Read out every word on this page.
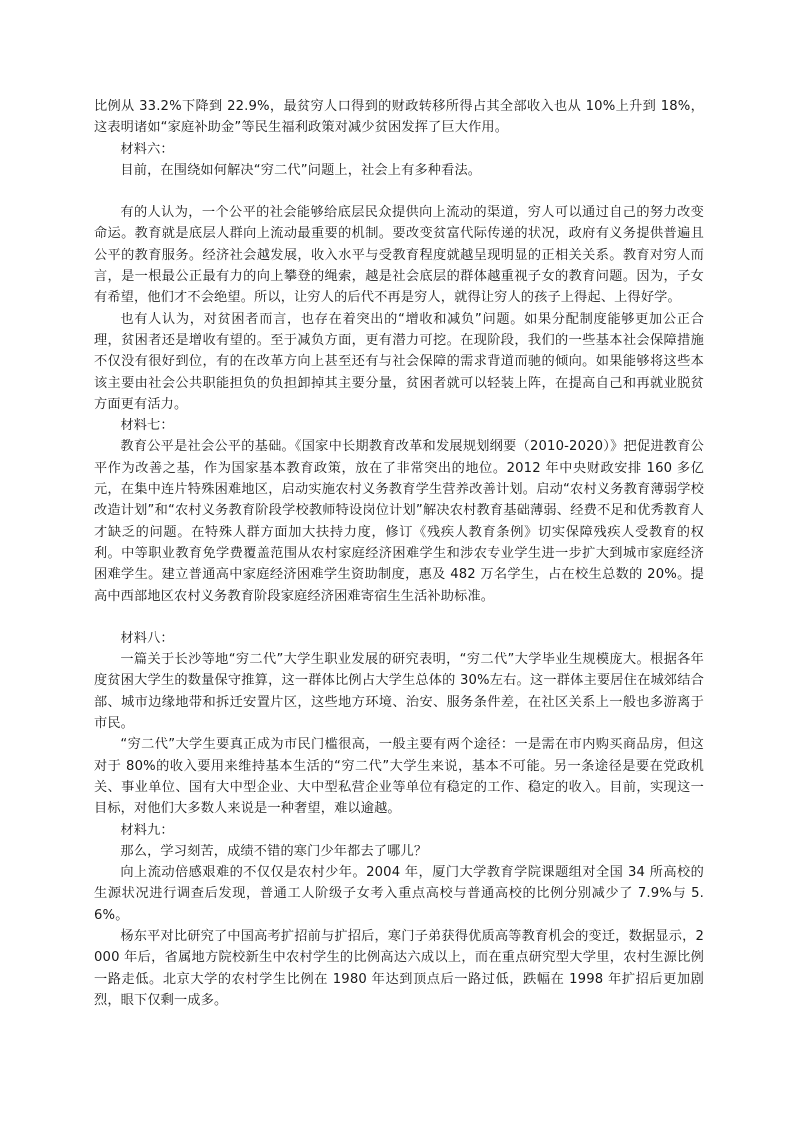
比例从 33.2%下降到 22.9%，最贫穷人口得到的财政转移所得占其全部收入也从 10%上升到 18%，这表明诸如“家庭补助金”等民生福利政策对减少贫困发挥了巨大作用。

材料六：

目前，在围绕如何解决“穷二代”问题上，社会上有多种看法。

有的人认为，一个公平的社会能够给底层民众提供向上流动的渠道，穷人可以通过自己的努力改变命运。教育就是底层人群向上流动最重要的机制。要改变贫富代际传递的状况，政府有义务提供普遍且公平的教育服务。经济社会越发展，收入水平与受教育程度就越呈现明显的正相关关系。教育对穷人而言，是一根最公正最有力的向上攀登的绳索，越是社会底层的群体越重视子女的教育问题。因为，子女有希望，他们才不会绝望。所以，让穷人的后代不再是穷人，就得让穷人的孩子上得起、上得好学。

也有人认为，对贫困者而言，也存在着突出的“增收和减负”问题。如果分配制度能够更加公正合理，贫困者还是增收有望的。至于减负方面，更有潜力可挖。在现阶段，我们的一些基本社会保障措施不仅没有很好到位，有的在改革方向上甚至还有与社会保障的需求背道而驰的倾向。如果能够将这些本该主要由社会公共职能担负的负担卸掉其主要分量，贫困者就可以轻装上阵，在提高自己和再就业脱贫方面更有活力。

材料七：

教育公平是社会公平的基础。《国家中长期教育改革和发展规划纲要（2010-2020）》把促进教育公平作为改善之基，作为国家基本教育政策，放在了非常突出的地位。2012 年中央财政安排 160 多亿元，在集中连片特殊困难地区，启动实施农村义务教育学生营养改善计划。启动“农村义务教育薄弱学校改造计划”和“农村义务教育阶段学校教师特设岗位计划”解决农村教育基础薄弱、经费不足和优秀教育人才缺乏的问题。在特殊人群方面加大扶持力度，修订《残疾人教育条例》切实保障残疾人受教育的权利。中等职业教育免学费覆盖范围从农村家庭经济困难学生和涉农专业学生进一步扩大到城市家庭经济困难学生。建立普通高中家庭经济困难学生资助制度，惠及 482 万名学生，占在校生总数的 20%。提高中西部地区农村义务教育阶段家庭经济困难寄宿生生活补助标准。

材料八：

一篇关于长沙等地“穷二代”大学生职业发展的研究表明，“穷二代”大学毕业生规模庞大。根据各年度贫困大学生的数量保守推算，这一群体比例占大学生总体的 30%左右。这一群体主要居住在城郊结合部、城市边缘地带和拆迁安置片区，这些地方环境、治安、服务条件差，在社区关系上一般也多游离于市民。

“穷二代”大学生要真正成为市民门槛很高，一般主要有两个途径：一是需在市内购买商品房，但这对于 80%的收入要用来维持基本生活的“穷二代”大学生来说，基本不可能。另一条途径是要在党政机关、事业单位、国有大中型企业、大中型私营企业等单位有稳定的工作、稳定的收入。目前，实现这一目标，对他们大多数人来说是一种奢望，难以逾越。

材料九：

那么，学习刻苦，成绩不错的寒门少年都去了哪儿？

向上流动倍感艰难的不仅仅是农村少年。2004 年，厦门大学教育学院课题组对全国 34 所高校的生源状况进行调查后发现，普通工人阶级子女考入重点高校与普通高校的比例分别减少了 7.9%与 5.6%。

杨东平对比研究了中国高考扩招前与扩招后，寒门子弟获得优质高等教育机会的变迁，数据显示，2000 年后，省属地方院校新生中农村学生的比例高达六成以上，而在重点研究型大学里，农村生源比例一路走低。北京大学的农村学生比例在 1980 年达到顶点后一路过低，跌幅在 1998 年扩招后更加剧烈，眼下仅剩一成多。
